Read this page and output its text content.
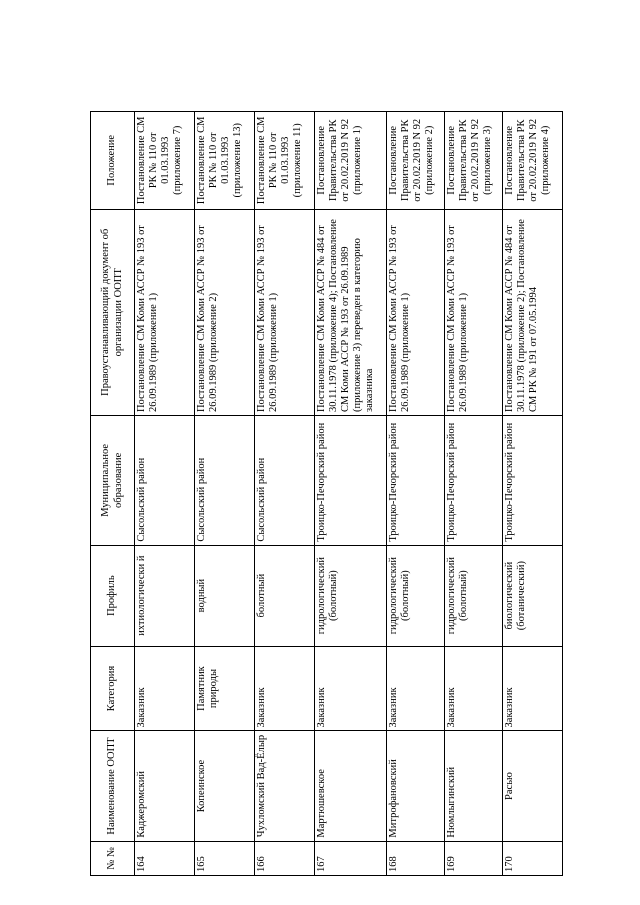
№ №	Наименование ООПТ	Категория	Профиль	Муниципальное образование	Правоустанавливающий документ об организации ООПТ	Положение
164	Каджеромский	Заказник	ихтиологически й	Сысольский район	Постановление СМ Коми АССР № 193 от 26.09.1989 (приложение 1)	Постановление СМ РК № 110 от 01.03.1993 (приложение 7)
165	Копеинское	Памятник природы	водный	Сысольский район	Постановление СМ Коми АССР № 193 от 26.09.1989 (приложение 2)	Постановление СМ РК № 110 от 01.03.1993 (приложение 13)
166	Чухломский Вад-Ёлыр	Заказник	болотный	Сысольский район	Постановление СМ Коми АССР № 193 от 26.09.1989 (приложение 1)	Постановление СМ РК № 110 от 01.03.1993 (приложение 11)
167	Мартюшевское	Заказник	гидрологический (болотный)	Троицко-Печорский район	Постановление СМ Коми АССР № 484 от 30.11.1978 (приложение 4); Постановление СМ Коми АССР № 193 от 26.09.1989 (приложение 3) переведен в категорию заказника	Постановление Правительства РК от 20.02.2019 N 92 (приложение 1)
168	Митрофановский	Заказник	гидрологический (болотный)	Троицко-Печорский район	Постановление СМ Коми АССР № 193 от 26.09.1989 (приложение 1)	Постановление Правительства РК от 20.02.2019 N 92 (приложение 2)
169	Нюмлыгинский	Заказник	гидрологический (болотный)	Троицко-Печорский район	Постановление СМ Коми АССР № 193 от 26.09.1989 (приложение 1)	Постановление Правительства РК от 20.02.2019 N 92 (приложение 3)
170	Расью	Заказник	биологический (ботанический)	Троицко-Печорский район	Постановление СМ Коми АССР № 484 от 30.11.1978 (приложение 2); Постановление СМ РК № 191 от 07.05.1994	Постановление Правительства РК от 20.02.2019 N 92 (приложение 4)
